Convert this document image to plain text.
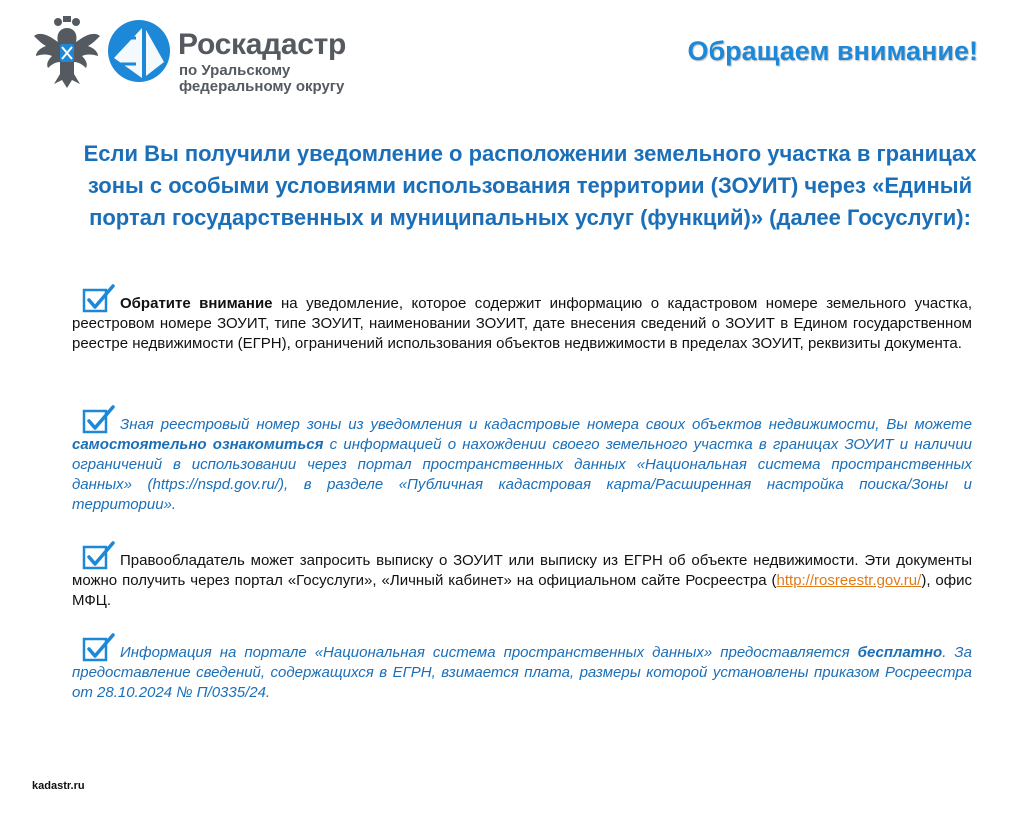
Роскадастр
по Уральскому
федеральному округу
Обращаем внимание!
Если Вы получили уведомление о расположении земельного участка в границах зоны с особыми условиями использования территории (ЗОУИТ) через «Единый портал государственных и муниципальных услуг (функций)» (далее Госуслуги):
Обратите внимание на уведомление, которое содержит информацию о кадастровом номере земельного участка, реестровом номере ЗОУИТ, типе ЗОУИТ, наименовании ЗОУИТ, дате внесения сведений о ЗОУИТ в Едином государственном реестре недвижимости (ЕГРН), ограничений использования объектов недвижимости в пределах ЗОУИТ, реквизиты документа.
Зная реестровый номер зоны из уведомления и кадастровые номера своих объектов недвижимости, Вы можете самостоятельно ознакомиться с информацией о нахождении своего земельного участка в границах ЗОУИТ и наличии ограничений в использовании через портал пространственных данных «Национальная система пространственных данных» (https://nspd.gov.ru/), в разделе «Публичная кадастровая карта/Расширенная настройка поиска/Зоны и территории».
Правообладатель может запросить выписку о ЗОУИТ или выписку из ЕГРН об объекте недвижимости. Эти документы можно получить через портал «Госуслуги», «Личный кабинет» на официальном сайте Росреестра (http://rosreestr.gov.ru/), офис МФЦ.
Информация на портале «Национальная система пространственных данных» предоставляется бесплатно. За предоставление сведений, содержащихся в ЕГРН, взимается плата, размеры которой установлены приказом Росреестра от 28.10.2024 № П/0335/24.
kadastr.ru
